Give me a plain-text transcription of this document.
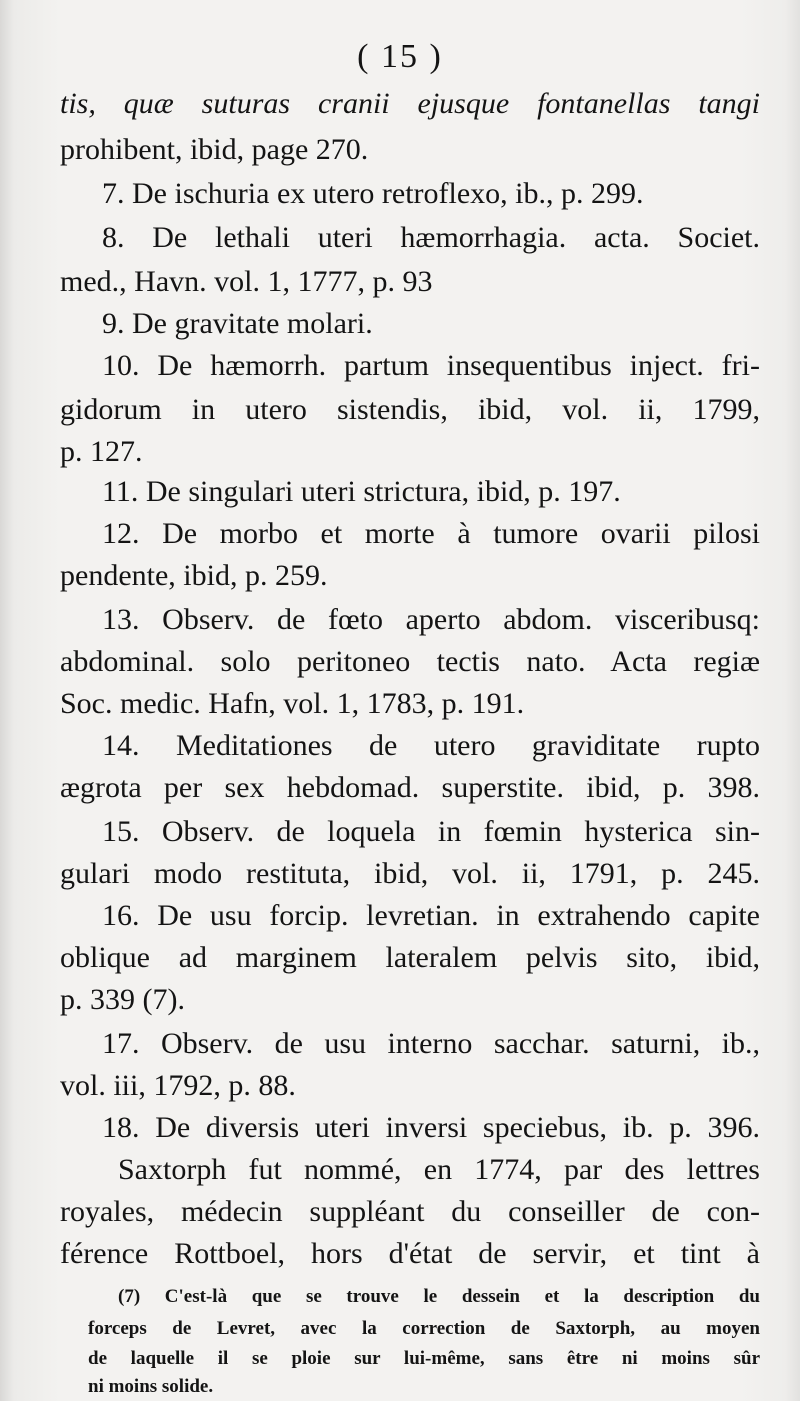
( 15 )
tis, quæ suturas cranii ejusque fontanellas tangi
prohibent, ibid, page 270.
7. De ischuria ex utero retroflexo, ib., p. 299.
8. De lethali uteri hæmorrhagia. acta. Societ.
med., Havn. vol. 1, 1777, p. 93
9. De gravitate molari.
10. De hæmorrh. partum insequentibus inject. fri-
gidorum in utero sistendis, ibid, vol. ii, 1799,
p. 127.
11. De singulari uteri strictura, ibid, p. 197.
12. De morbo et morte à tumore ovarii pilosi
pendente, ibid, p. 259.
13. Observ. de fœto aperto abdom. visceribusq:
abdominal. solo peritoneo tectis nato. Acta regiæ
Soc. medic. Hafn, vol. 1, 1783, p. 191.
14. Meditationes de utero graviditate rupto
ægrota per sex hebdomad. superstite. ibid, p. 398.
15. Observ. de loquela in fœmin hysterica sin-
gulari modo restituta, ibid, vol. ii, 1791, p. 245.
16. De usu forcip. levretian. in extrahendo capite
oblique ad marginem lateralem pelvis sito, ibid,
p. 339 (7).
17. Observ. de usu interno sacchar. saturni, ib.,
vol. iii, 1792, p. 88.
18. De diversis uteri inversi speciebus, ib. p. 396.
Saxtorph fut nommé, en 1774, par des lettres
royales, médecin suppléant du conseiller de con-
férence Rottboel, hors d'état de servir, et tint à
(7) C'est-là que se trouve le dessein et la description du
forceps de Levret, avec la correction de Saxtorph, au moyen
de laquelle il se ploie sur lui-même, sans être ni moins sûr
ni moins solide.
